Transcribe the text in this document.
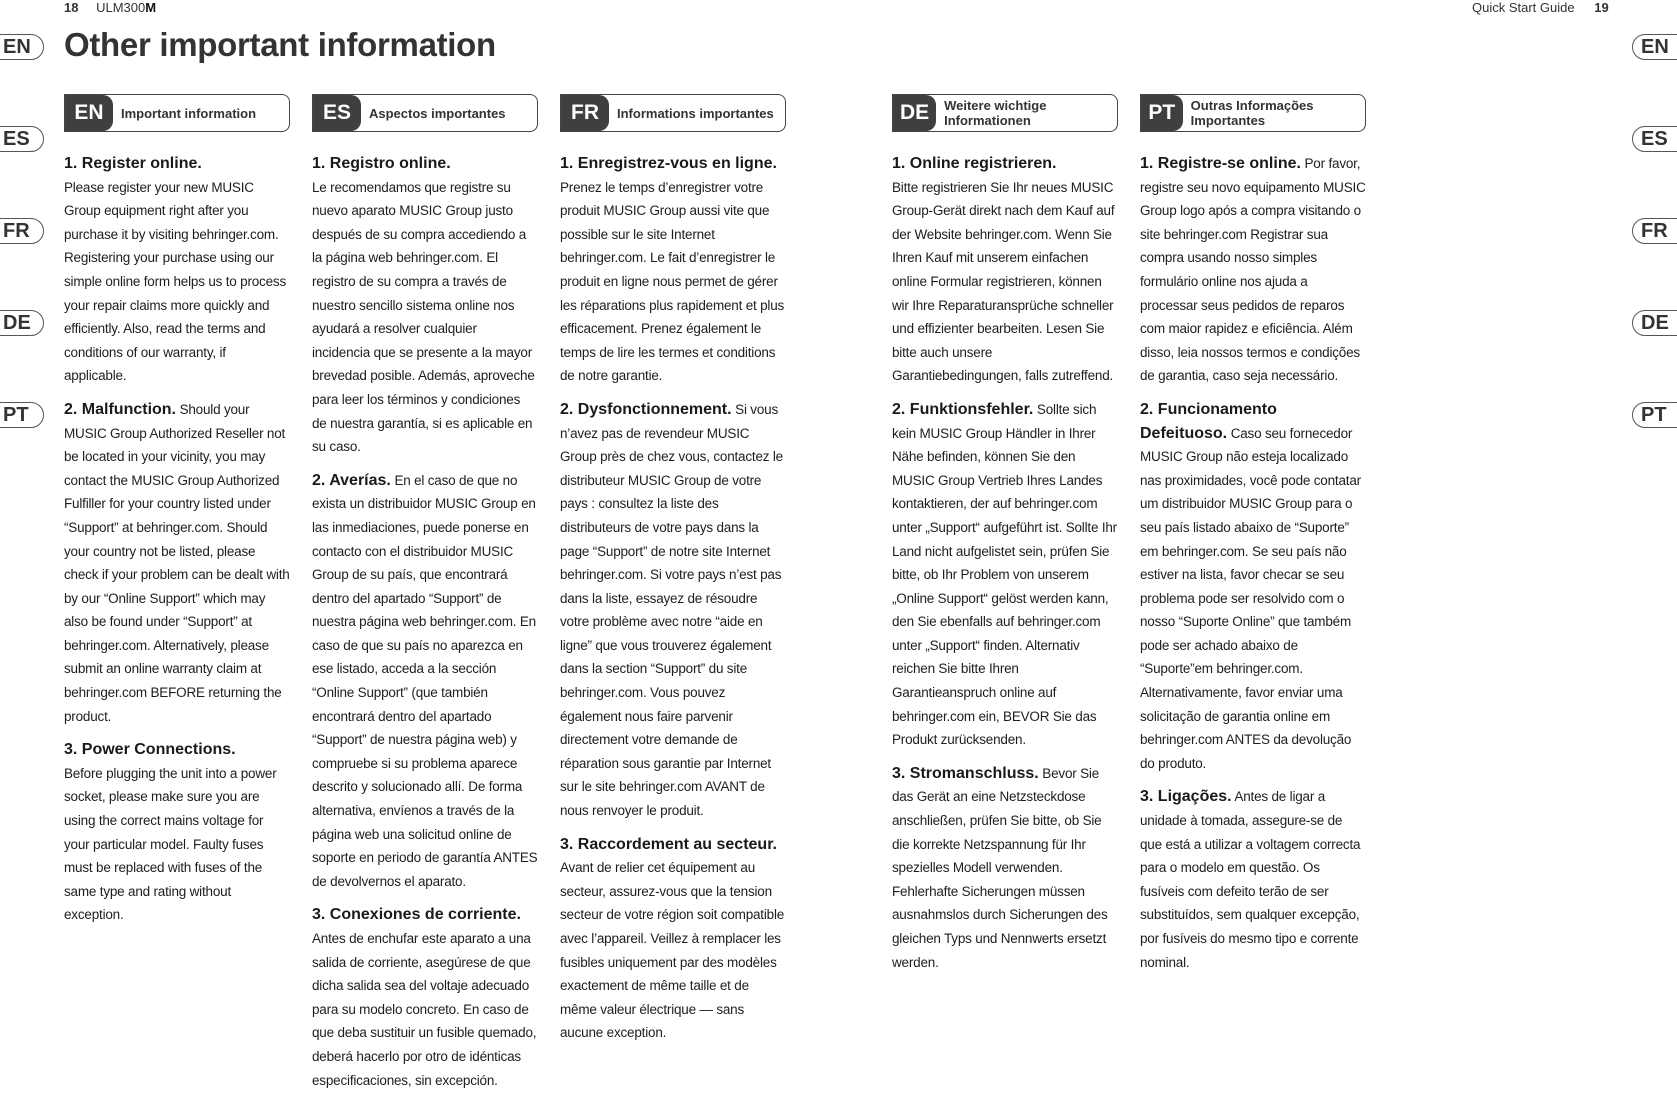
18 ULM300M	Quick Start Guide 19
Other important information
EN
ES
FR
DE
PT
EN
ES
FR
DE
PT
EN	Important information

1. Register online.
Please register your new MUSIC Group equipment right after you purchase it by visiting behringer.com. Registering your purchase using our simple online form helps us to process your repair claims more quickly and efficiently. Also, read the terms and conditions of our warranty, if applicable.

2. Malfunction. Should your MUSIC Group Authorized Reseller not be located in your vicinity, you may contact the MUSIC Group Authorized Fulfiller for your country listed under “Support” at behringer.com. Should your country not be listed, please check if your problem can be dealt with by our “Online Support” which may also be found under “Support” at behringer.com. Alternatively, please submit an online warranty claim at behringer.com BEFORE returning the product.

3. Power Connections.
Before plugging the unit into a power socket, please make sure you are using the correct mains voltage for your particular model. Faulty fuses must be replaced with fuses of the same type and rating without exception.

ES	Aspectos importantes

1. Registro online.
Le recomendamos que registre su nuevo aparato MUSIC Group justo después de su compra accediendo a la página web behringer.com. El registro de su compra a través de nuestro sencillo sistema online nos ayudará a resolver cualquier incidencia que se presente a la mayor brevedad posible. Además, aproveche para leer los términos y condiciones de nuestra garantía, si es aplicable en su caso.

2. Averías. En el caso de que no exista un distribuidor MUSIC Group en las inmediaciones, puede ponerse en contacto con el distribuidor MUSIC Group de su país, que encontrará dentro del apartado “Support” de nuestra página web behringer.com. En caso de que su país no aparezca en ese listado, acceda a la sección “Online Support” (que también encontrará dentro del apartado “Support” de nuestra página web) y compruebe si su problema aparece descrito y solucionado allí. De forma alternativa, envíenos a través de la página web una solicitud online de soporte en periodo de garantía ANTES de devolvernos el aparato.

3. Conexiones de corriente.
Antes de enchufar este aparato a una salida de corriente, asegúrese de que dicha salida sea del voltaje adecuado para su modelo concreto. En caso de que deba sustituir un fusible quemado, deberá hacerlo por otro de idénticas especificaciones, sin excepción.

FR	Informations importantes

1. Enregistrez-vous en ligne. Prenez le temps d’enregistrer votre produit MUSIC Group aussi vite que possible sur le site Internet behringer.com. Le fait d’enregistrer le produit en ligne nous permet de gérer les réparations plus rapidement et plus efficacement. Prenez également le temps de lire les termes et conditions de notre garantie.

2. Dysfonctionnement. Si vous n’avez pas de revendeur MUSIC Group près de chez vous, contactez le distributeur MUSIC Group de votre pays : consultez la liste des distributeurs de votre pays dans la page “Support” de notre site Internet behringer.com. Si votre pays n’est pas dans la liste, essayez de résoudre votre problème avec notre “aide en ligne” que vous trouverez également dans la section “Support” du site behringer.com. Vous pouvez également nous faire parvenir directement votre demande de réparation sous garantie par Internet sur le site behringer.com AVANT de nous renvoyer le produit.

3. Raccordement au secteur.
Avant de relier cet équipement au secteur, assurez-vous que la tension secteur de votre région soit compatible avec l’appareil. Veillez à remplacer les fusibles uniquement par des modèles exactement de même taille et de même valeur électrique — sans aucune exception.

DE	Weitere wichtige Informationen

1. Online registrieren.
Bitte registrieren Sie Ihr neues MUSIC Group-Gerät direkt nach dem Kauf auf der Website behringer.com. Wenn Sie Ihren Kauf mit unserem einfachen online Formular registrieren, können wir Ihre Reparaturansprüche schneller und effizienter bearbeiten. Lesen Sie bitte auch unsere Garantiebedingungen, falls zutreffend.

2. Funktionsfehler. Sollte sich kein MUSIC Group Händler in Ihrer Nähe befinden, können Sie den MUSIC Group Vertrieb Ihres Landes kontaktieren, der auf behringer.com unter „Support“ aufgeführt ist. Sollte Ihr Land nicht aufgelistet sein, prüfen Sie bitte, ob Ihr Problem von unserem „Online Support“ gelöst werden kann, den Sie ebenfalls auf behringer.com unter „Support“ finden. Alternativ reichen Sie bitte Ihren Garantieanspruch online auf behringer.com ein, BEVOR Sie das Produkt zurücksenden.

3. Stromanschluss. Bevor Sie das Gerät an eine Netzsteckdose anschließen, prüfen Sie bitte, ob Sie die korrekte Netzspannung für Ihr spezielles Modell verwenden. Fehlerhafte Sicherungen müssen ausnahmslos durch Sicherungen des gleichen Typs und Nennwerts ersetzt werden.

PT	Outras Informações Importantes

1. Registre-se online. Por favor, registre seu novo equipamento MUSIC Group logo após a compra visitando o site behringer.com Registrar sua compra usando nosso simples formulário online nos ajuda a processar seus pedidos de reparos com maior rapidez e eficiência. Além disso, leia nossos termos e condições de garantia, caso seja necessário.

2. Funcionamento Defeituoso. Caso seu fornecedor MUSIC Group não esteja localizado nas proximidades, você pode contatar um distribuidor MUSIC Group para o seu país listado abaixo de “Suporte” em behringer.com. Se seu país não estiver na lista, favor checar se seu problema pode ser resolvido com o nosso “Suporte Online” que também pode ser achado abaixo de “Suporte”em behringer.com. Alternativamente, favor enviar uma solicitação de garantia online em behringer.com ANTES da devolução do produto.

3. Ligações. Antes de ligar a unidade à tomada, assegure-se de que está a utilizar a voltagem correcta para o modelo em questão. Os fusíveis com defeito terão de ser substituídos, sem qualquer excepção, por fusíveis do mesmo tipo e corrente nominal.
